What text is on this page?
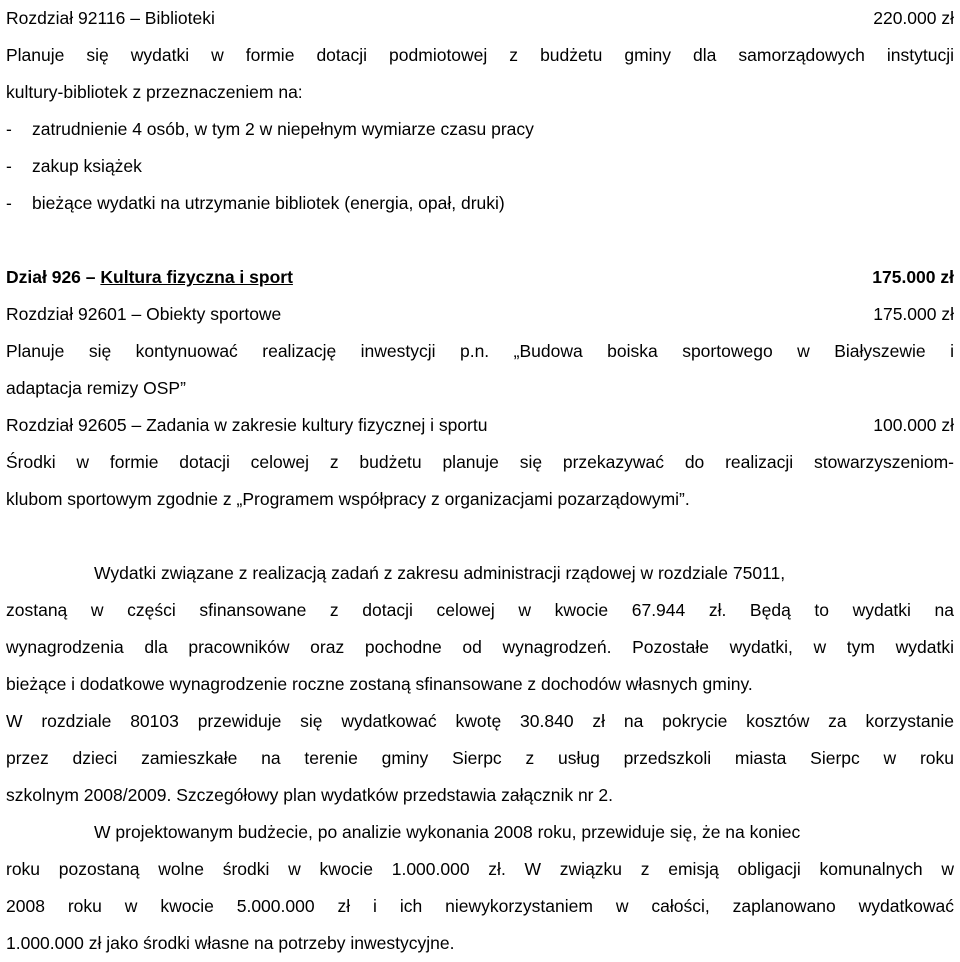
Rozdział 92116 – Biblioteki	220.000 zł
Planuje się wydatki w formie dotacji podmiotowej z budżetu gminy dla samorządowych instytucji
kultury-bibliotek z przeznaczeniem na:
- zatrudnienie 4 osób, w tym 2 w niepełnym wymiarze czasu pracy
- zakup książek
- bieżące wydatki na utrzymanie bibliotek (energia, opał, druki)
Dział 926 – Kultura fizyczna i sport	175.000 zł
Rozdział 92601 – Obiekty sportowe	175.000 zł
Planuje się kontynuować realizację inwestycji p.n. „Budowa boiska sportowego w Białyszewie i
adaptacja remizy OSP”
Rozdział 92605 – Zadania w zakresie kultury fizycznej i sportu	100.000 zł
Środki w formie dotacji celowej z budżetu planuje się przekazywać do realizacji stowarzyszeniom-
klubom sportowym zgodnie z „Programem współpracy z organizacjami pozarządowymi”.
Wydatki związane z realizacją zadań z zakresu administracji rządowej w rozdziale 75011,
zostaną w części sfinansowane z dotacji celowej w kwocie 67.944 zł. Będą to wydatki na
wynagrodzenia dla pracowników oraz pochodne od wynagrodzeń. Pozostałe wydatki, w tym wydatki
bieżące i dodatkowe wynagrodzenie roczne zostaną sfinansowane z dochodów własnych gminy.
W rozdziale 80103 przewiduje się wydatkować kwotę 30.840 zł na pokrycie kosztów za korzystanie
przez dzieci zamieszkałe na terenie gminy Sierpc z usług przedszkoli miasta Sierpc w roku
szkolnym 2008/2009. Szczegółowy plan wydatków przedstawia załącznik nr 2.
W projektowanym budżecie, po analizie wykonania 2008 roku, przewiduje się, że na koniec
roku pozostaną wolne środki w kwocie 1.000.000 zł. W związku z emisją obligacji komunalnych w
2008 roku w kwocie 5.000.000 zł i ich niewykorzystaniem w całości, zaplanowano wydatkować
1.000.000 zł jako środki własne na potrzeby inwestycyjne.
